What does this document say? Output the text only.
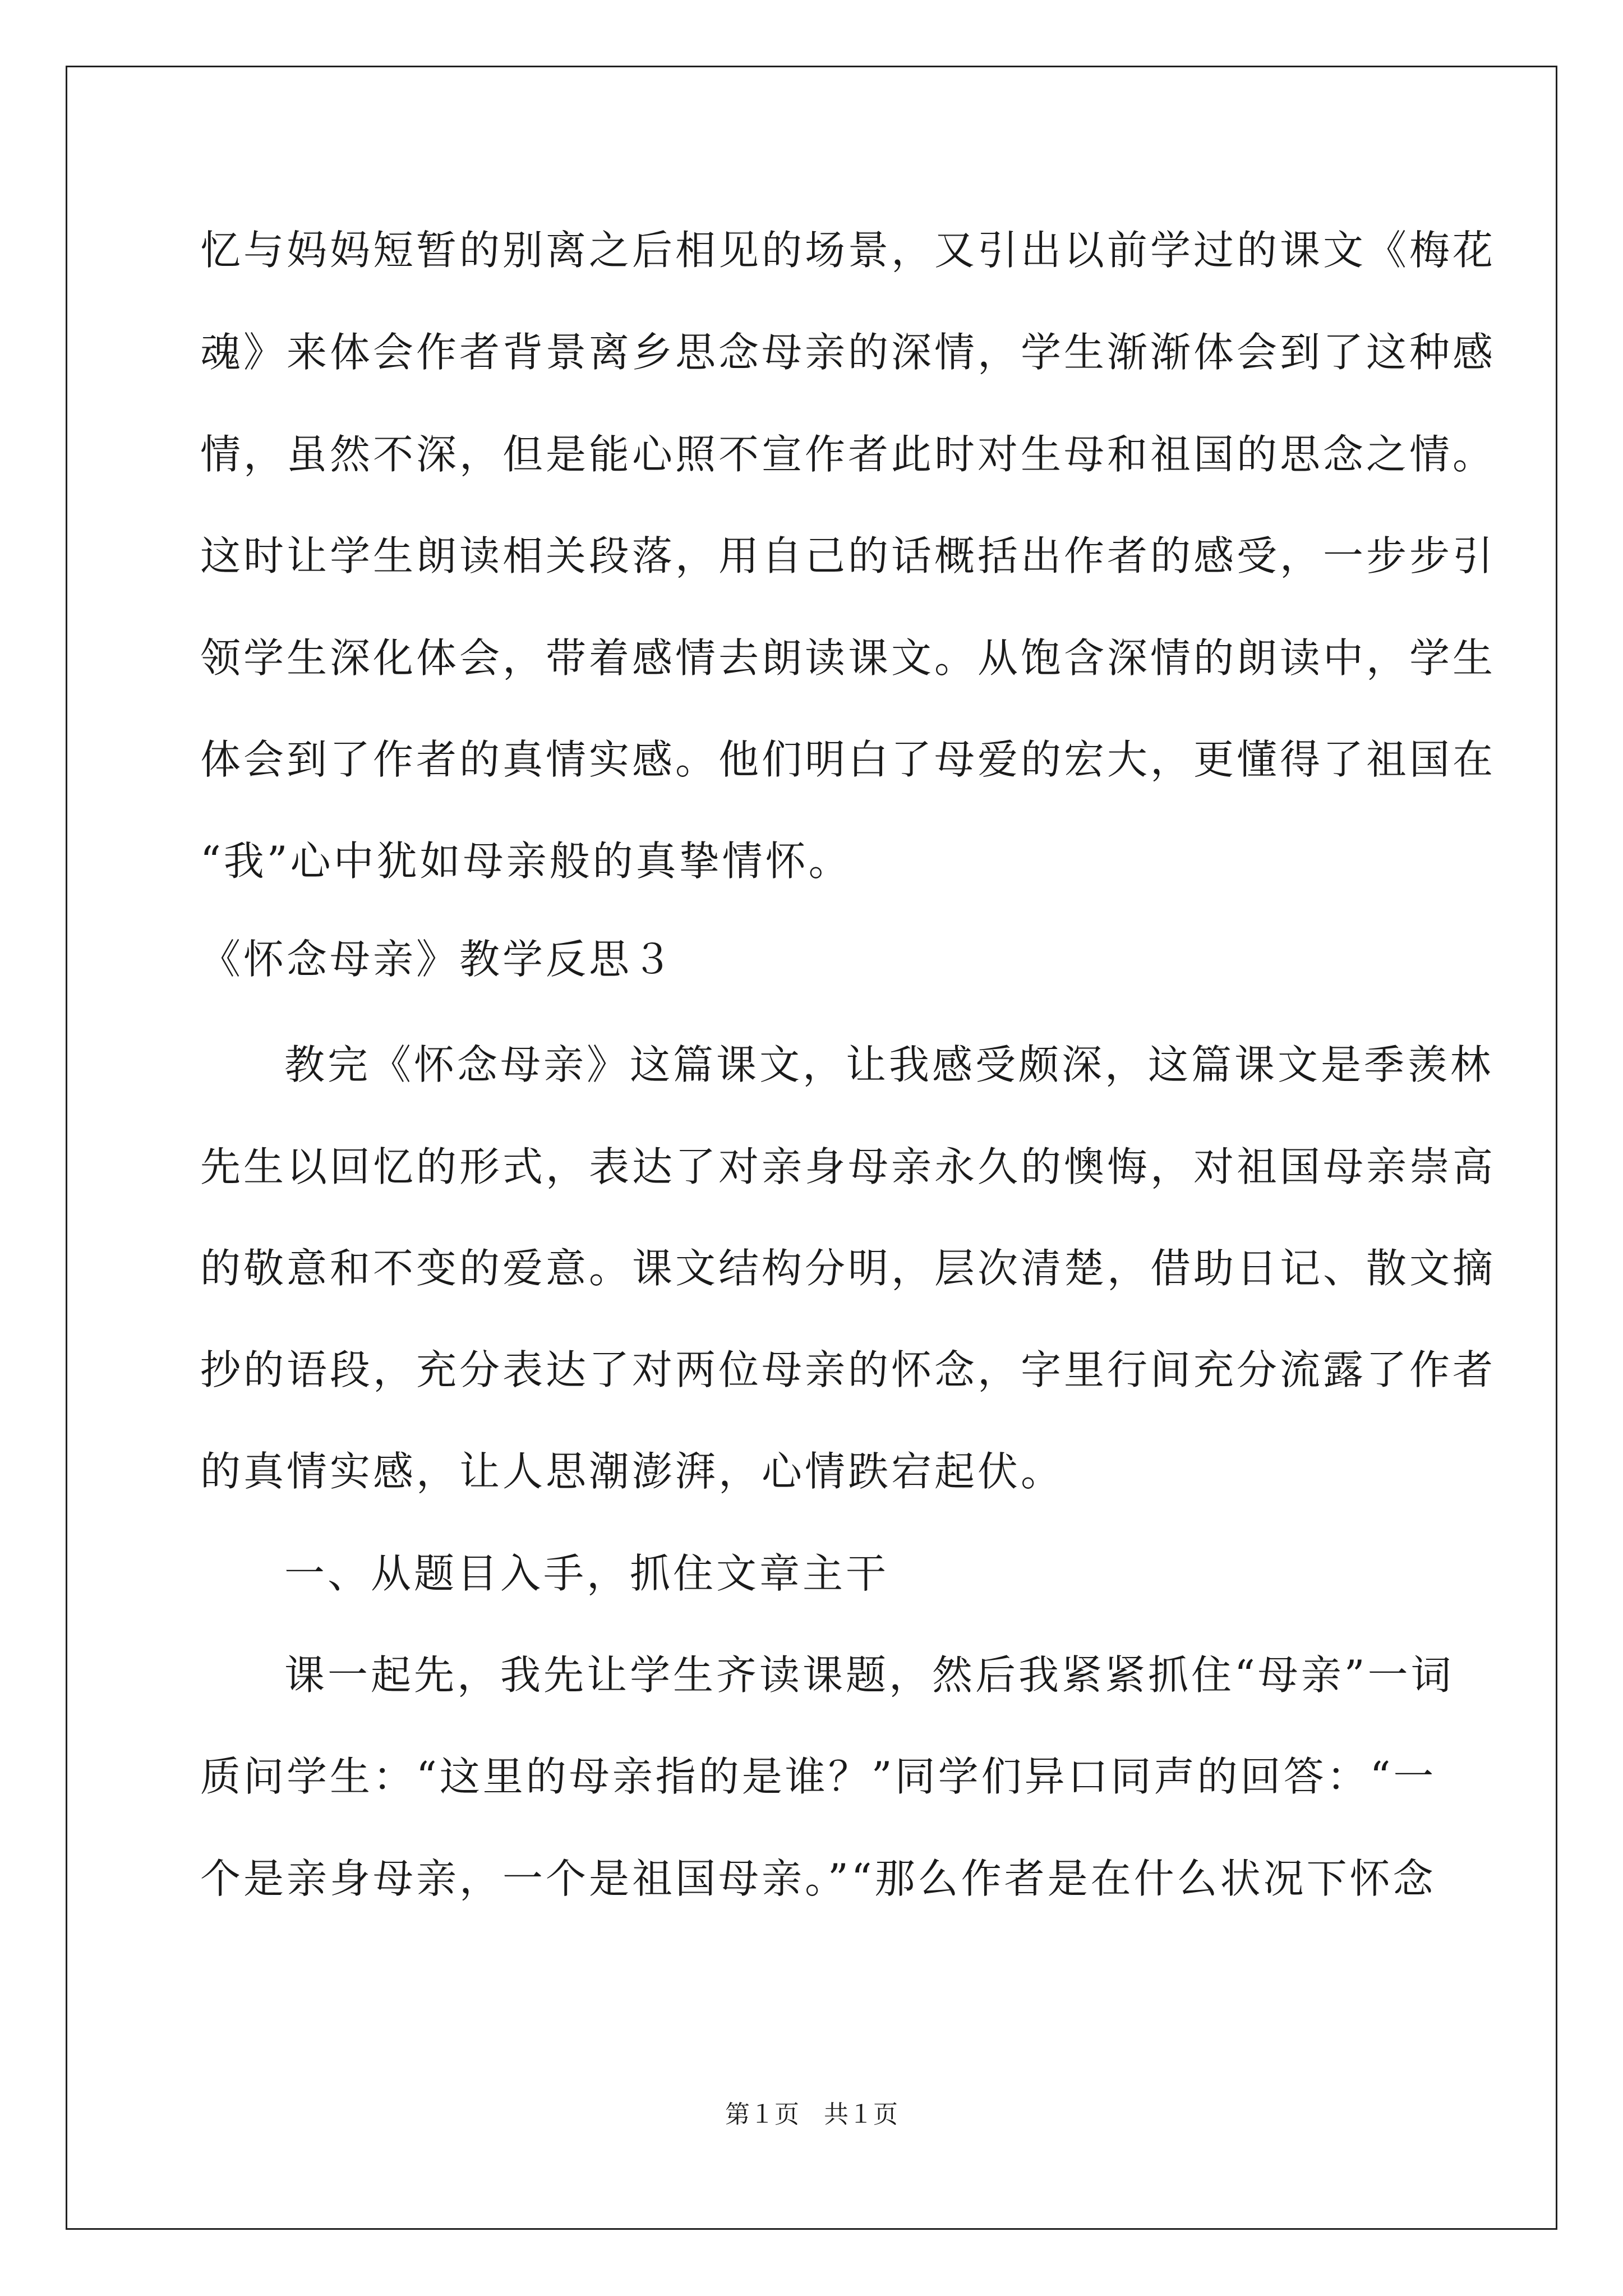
忆与妈妈短暂的别离之后相见的场景，又引出以前学过的课文《梅花
魂》来体会作者背景离乡思念母亲的深情，学生渐渐体会到了这种感
情，虽然不深，但是能心照不宣作者此时对生母和祖国的思念之情。
这时让学生朗读相关段落，用自己的话概括出作者的感受，一步步引
领学生深化体会，带着感情去朗读课文。从饱含深情的朗读中，学生
体会到了作者的真情实感。他们明白了母爱的宏大，更懂得了祖国在
“我”心中犹如母亲般的真挚情怀。
《怀念母亲》教学反思３
教完《怀念母亲》这篇课文，让我感受颇深，这篇课文是季羡林
先生以回忆的形式，表达了对亲身母亲永久的懊悔，对祖国母亲崇高
的敬意和不变的爱意。课文结构分明，层次清楚，借助日记、散文摘
抄的语段，充分表达了对两位母亲的怀念，字里行间充分流露了作者
的真情实感，让人思潮澎湃，心情跌宕起伏。
一、从题目入手，抓住文章主干
课一起先，我先让学生齐读课题，然后我紧紧抓住“母亲”一词
质问学生：“这里的母亲指的是谁？”同学们异口同声的回答：“一
个是亲身母亲，一个是祖国母亲。”“那么作者是在什么状况下怀念
第１页　共１页
